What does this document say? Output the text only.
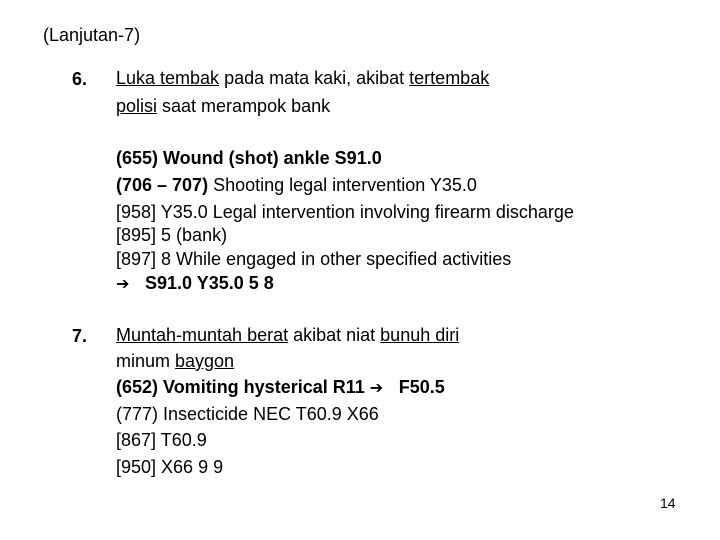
(Lanjutan-7)
6. Luka tembak pada mata kaki, akibat tertembak
polisi saat merampok bank
(655) Wound (shot) ankle S91.0
(706 – 707) Shooting legal intervention Y35.0
[958] Y35.0 Legal intervention involving firearm discharge
[895] 5 (bank)
[897] 8 While engaged in other specified activities
➔ S91.0 Y35.0 5 8
7. Muntah-muntah berat akibat niat bunuh diri
minum baygon
(652) Vomiting hysterical R11 ➔ F50.5
(777) Insecticide NEC T60.9 X66
[867] T60.9
[950] X66 9 9
14
